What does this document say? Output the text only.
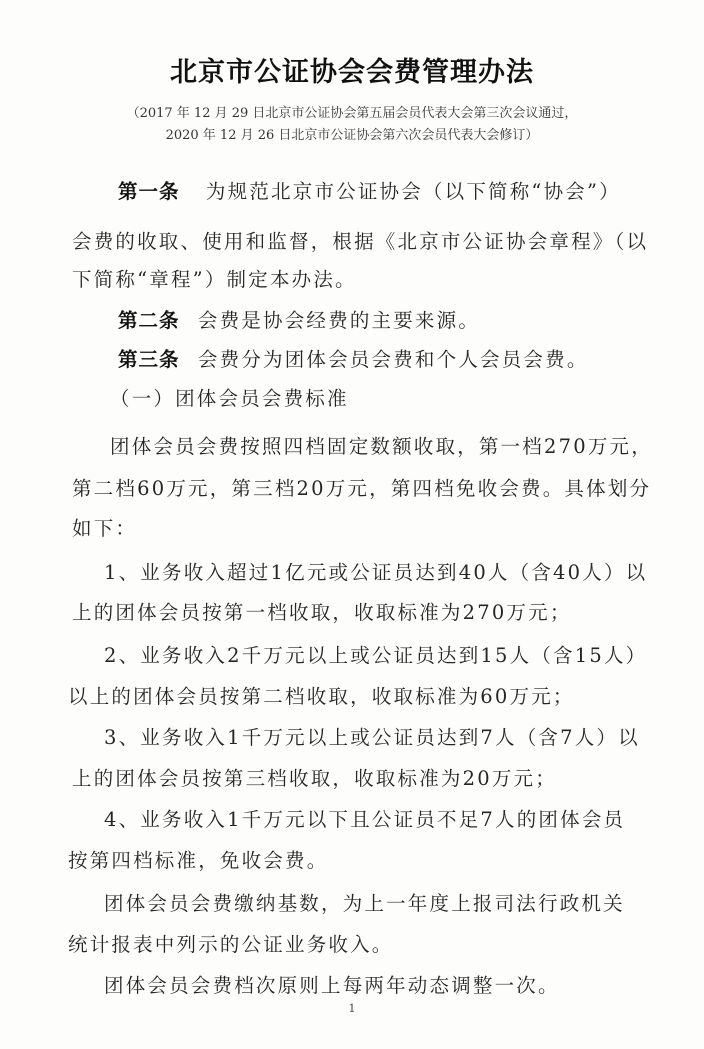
北京市公证协会会费管理办法
（2017 年 12 月 29 日北京市公证协会第五届会员代表大会第三次会议通过，
2020 年 12 月 26 日北京市公证协会第六次会员代表大会修订）
第一条 为规范北京市公证协会（以下简称“协会”）
会费的收取、使用和监督，根据《北京市公证协会章程》（以
下简称“章程”）制定本办法。
第二条 会费是协会经费的主要来源。
第三条 会费分为团体会员会费和个人会员会费。
（一）团体会员会费标准
团体会员会费按照四档固定数额收取，第一档270万元，
第二档60万元，第三档20万元，第四档免收会费。具体划分
如下：
1、业务收入超过1亿元或公证员达到40人（含40人）以
上的团体会员按第一档收取，收取标准为270万元；
2、业务收入2千万元以上或公证员达到15人（含15人）
以上的团体会员按第二档收取，收取标准为60万元；
3、业务收入1千万元以上或公证员达到7人（含7人）以
上的团体会员按第三档收取，收取标准为20万元；
4、业务收入1千万元以下且公证员不足7人的团体会员
按第四档标准，免收会费。
团体会员会费缴纳基数，为上一年度上报司法行政机关
统计报表中列示的公证业务收入。
团体会员会费档次原则上每两年动态调整一次。
1
